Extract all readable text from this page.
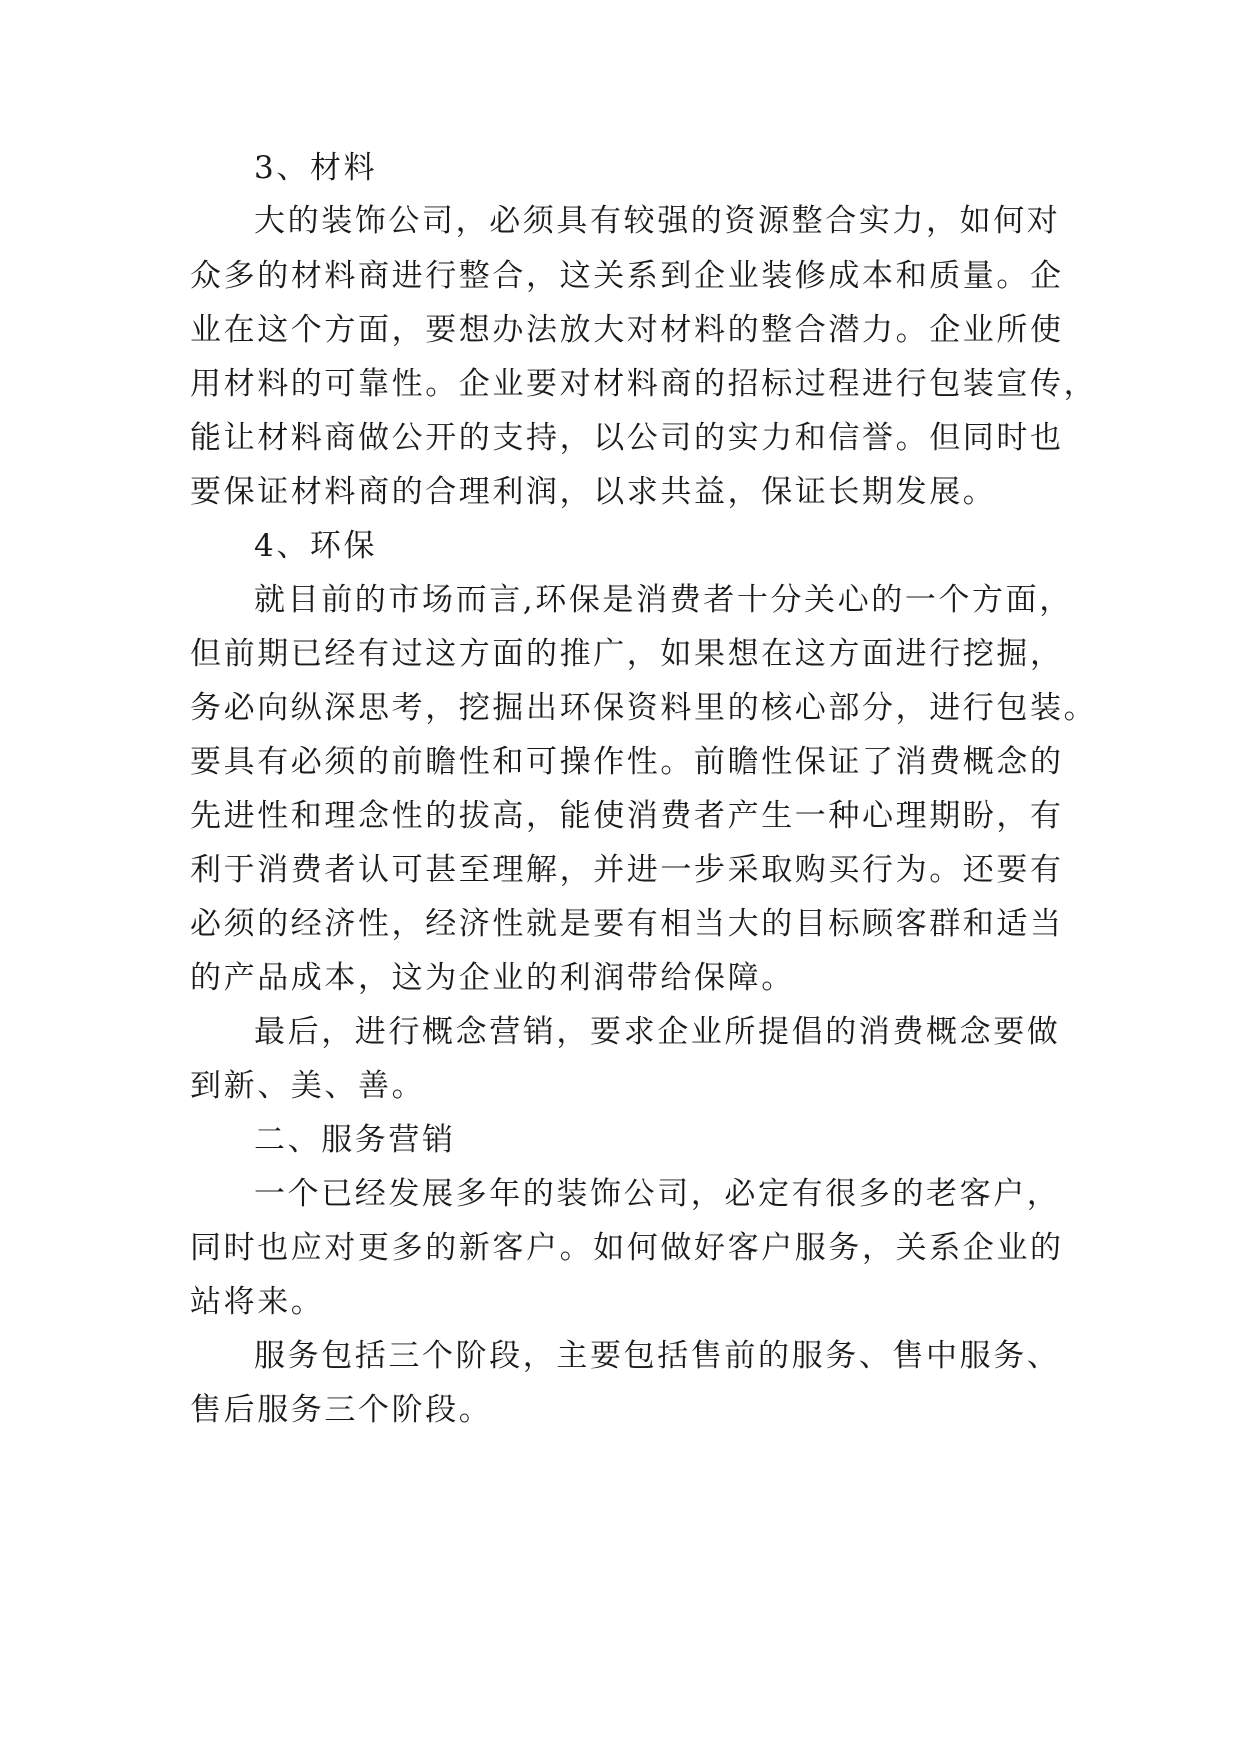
3、材料
大的装饰公司，必须具有较强的资源整合实力，如何对
众多的材料商进行整合，这关系到企业装修成本和质量。企
业在这个方面，要想办法放大对材料的整合潜力。企业所使
用材料的可靠性。企业要对材料商的招标过程进行包装宣传，
能让材料商做公开的支持，以公司的实力和信誉。但同时也
要保证材料商的合理利润，以求共益，保证长期发展。
4、环保
就目前的市场而言,环保是消费者十分关心的一个方面，
但前期已经有过这方面的推广，如果想在这方面进行挖掘，
务必向纵深思考，挖掘出环保资料里的核心部分，进行包装。
要具有必须的前瞻性和可操作性。前瞻性保证了消费概念的
先进性和理念性的拔高，能使消费者产生一种心理期盼，有
利于消费者认可甚至理解，并进一步采取购买行为。还要有
必须的经济性，经济性就是要有相当大的目标顾客群和适当
的产品成本，这为企业的利润带给保障。
最后，进行概念营销，要求企业所提倡的消费概念要做
到新、美、善。
二、服务营销
一个已经发展多年的装饰公司，必定有很多的老客户，
同时也应对更多的新客户。如何做好客户服务，关系企业的
站将来。
服务包括三个阶段，主要包括售前的服务、售中服务、
售后服务三个阶段。
